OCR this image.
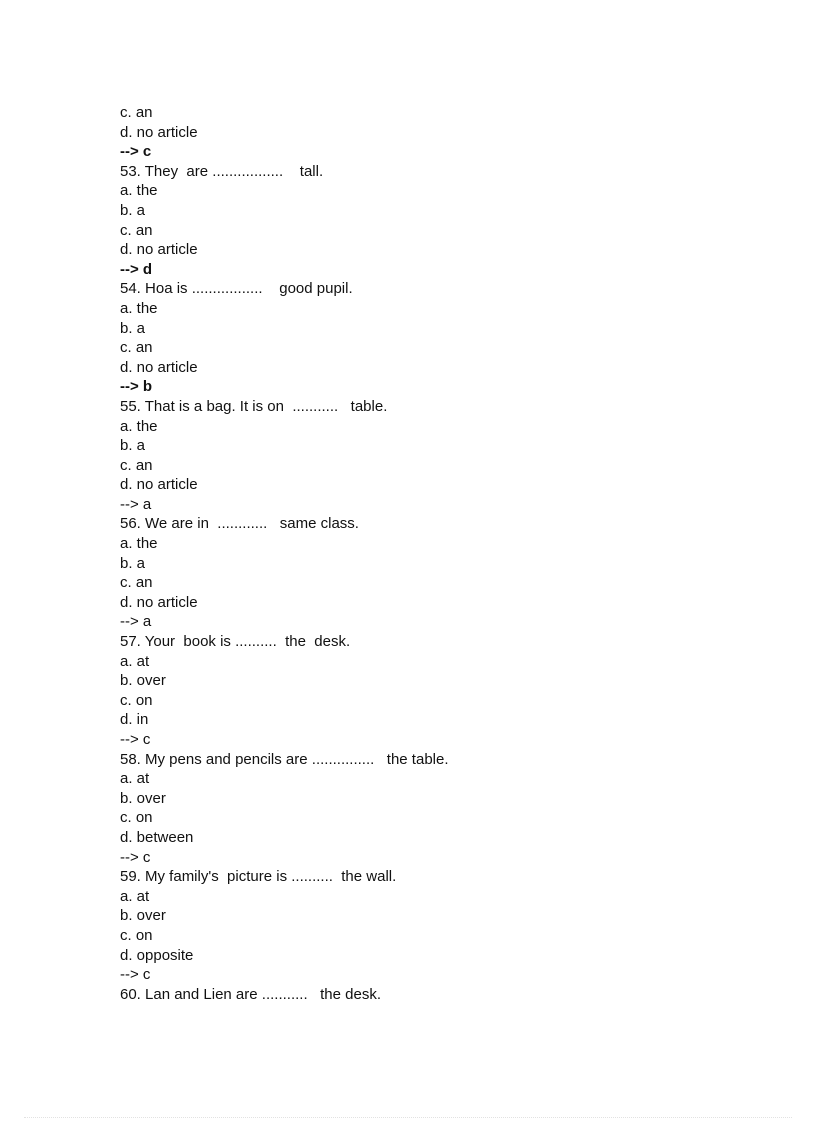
c. an
d. no article
--> c
53. They  are .................    tall.
a. the
b. a
c. an
d. no article
--> d
54. Hoa is .................    good pupil.
a. the
b. a
c. an
d. no article
--> b
55. That is a bag. It is on  ...........   table.
a. the
b. a
c. an
d. no article
--> a
56. We are in  ............   same class.
a. the
b. a
c. an
d. no article
--> a
57. Your  book is ..........  the  desk.
a. at
b. over
c. on
d. in
--> c
58. My pens and pencils are ...............   the table.
a. at
b. over
c. on
d. between
--> c
59. My family's  picture is ..........  the wall.
a. at
b. over
c. on
d. opposite
--> c
60. Lan and Lien are ...........   the desk.
